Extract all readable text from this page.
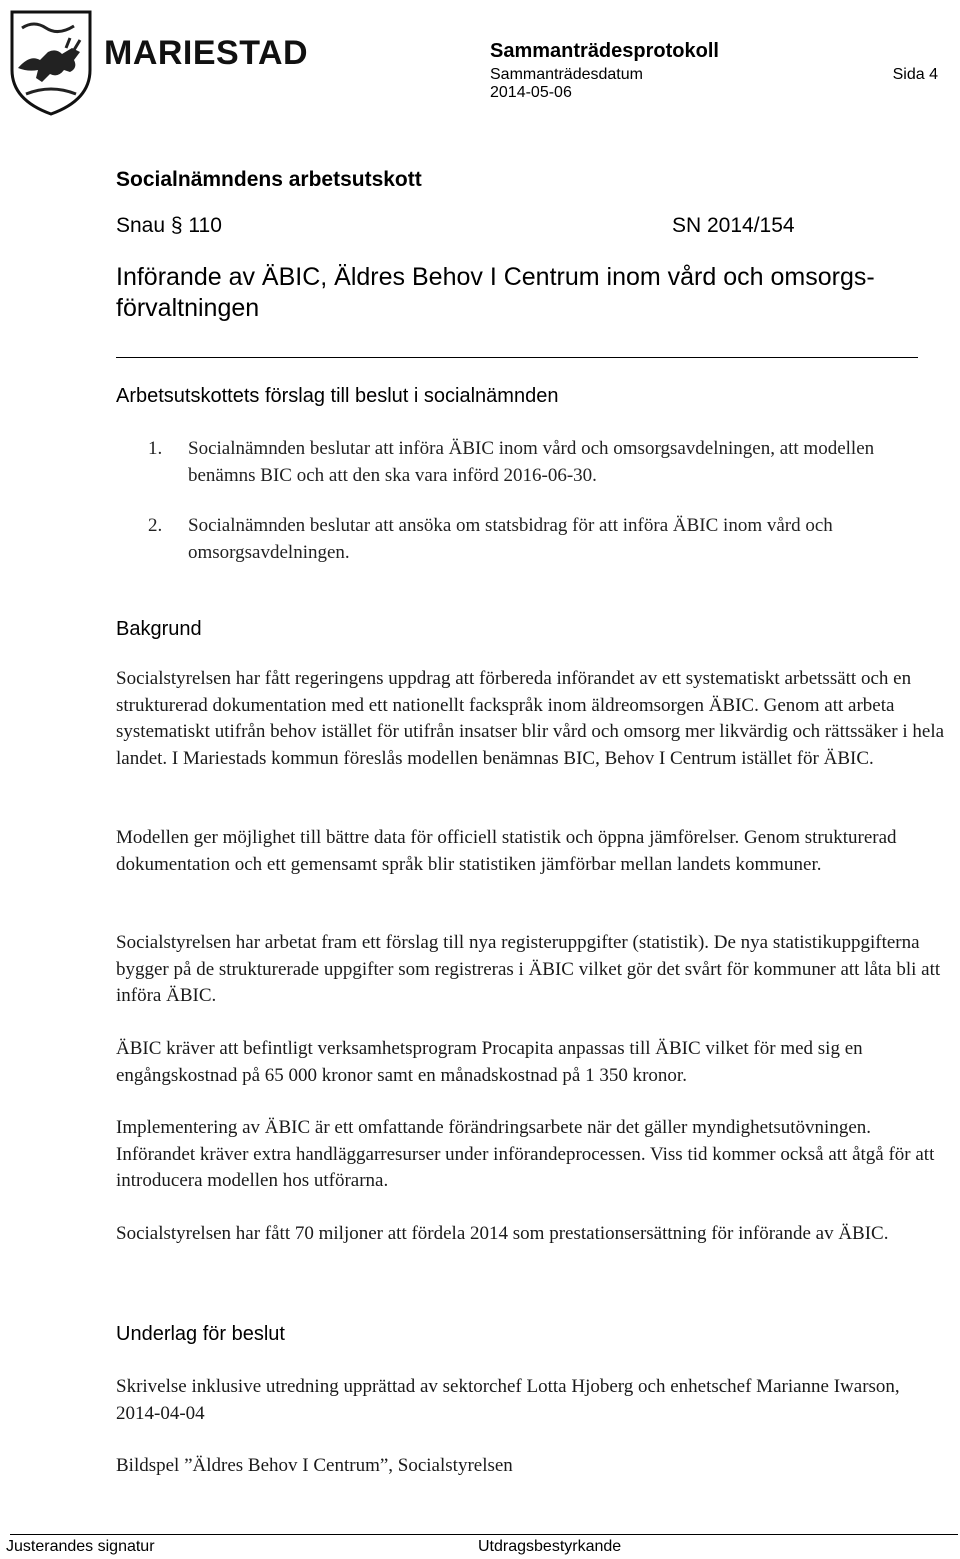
MARIESTAD	Sammanträdesprotokoll
Sammanträdesdatum
2014-05-06
Sida 4
Socialnämndens arbetsutskott
Snau § 110	SN 2014/154
Införande av ÄBIC, Äldres Behov I Centrum inom vård och omsorgs-förvaltningen
Arbetsutskottets förslag till beslut i socialnämnden
1. Socialnämnden beslutar att införa ÄBIC inom vård och omsorgsavdelningen, att modellen benämns BIC och att den ska vara införd 2016-06-30.
2. Socialnämnden beslutar att ansöka om statsbidrag för att införa ÄBIC inom vård och omsorgsavdelningen.
Bakgrund

Socialstyrelsen har fått regeringens uppdrag att förbereda införandet av ett systematiskt arbetssätt och en strukturerad dokumentation med ett nationellt fackspråk inom äldreomsorgen ÄBIC. Genom att arbeta systematiskt utifrån behov istället för utifrån insatser blir vård och omsorg mer likvärdig och rättssäker i hela landet. I Mariestads kommun föreslås modellen benämnas BIC, Behov I Centrum istället för ÄBIC.

Modellen ger möjlighet till bättre data för officiell statistik och öppna jämförelser. Genom strukturerad dokumentation och ett gemensamt språk blir statistiken jämförbar mellan landets kommuner.

Socialstyrelsen har arbetat fram ett förslag till nya registeruppgifter (statistik). De nya statistikuppgifterna bygger på de strukturerade uppgifter som registreras i ÄBIC vilket gör det svårt för kommuner att låta bli att införa ÄBIC.

ÄBIC kräver att befintligt verksamhetsprogram Procapita anpassas till ÄBIC vilket för med sig en engångskostnad på 65 000 kronor samt en månadskostnad på 1 350 kronor.

Implementering av ÄBIC är ett omfattande förändringsarbete när det gäller myndighetsutövningen. Införandet kräver extra handläggarresurser under införandeprocessen. Viss tid kommer också att åtgå för att introducera modellen hos utförarna.

Socialstyrelsen har fått 70 miljoner att fördela 2014 som prestationsersättning för införande av ÄBIC.

Underlag för beslut

Skrivelse inklusive utredning upprättad av sektorchef Lotta Hjoberg och enhetschef Marianne Iwarson, 2014-04-04

Bildspel ”Äldres Behov I Centrum”, Socialstyrelsen

Justerandes signatur	Utdragsbestyrkande
